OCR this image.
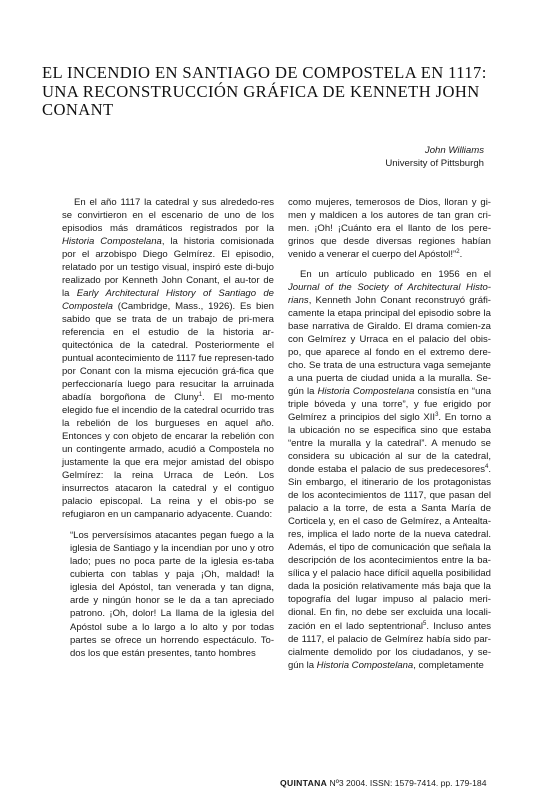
EL INCENDIO EN SANTIAGO DE COMPOSTELA EN 1117:
UNA RECONSTRUCCIÓN GRÁFICA DE KENNETH JOHN
CONANT
John Williams
University of Pittsburgh

En el año 1117 la catedral y sus alrededo-res se convirtieron en el escenario de uno de los episodios más dramáticos registrados por la Historia Compostelana, la historia comisionada por el arzobispo Diego Gelmírez. El episodio, relatado por un testigo visual, inspiró este di-bujo realizado por Kenneth John Conant, el au-tor de la Early Architectural History of Santiago de Compostela (Cambridge, Mass., 1926). Es bien sabido que se trata de un trabajo de pri-mera referencia en el estudio de la historia ar-quitectónica de la catedral. Posteriormente el puntual acontecimiento de 1117 fue represen-tado por Conant con la misma ejecución grá-fica que perfeccionaría luego para resucitar la arruinada abadía borgoñona de Cluny$^1$. El mo-mento elegido fue el incendio de la catedral ocurrido tras la rebelión de los burgueses en aquel año. Entonces y con objeto de encarar la rebelión con un contingente armado, acudió a Compostela no justamente la que era mejor amistad del obispo Gelmírez: la reina Urraca de León. Los insurrectos atacaron la catedral y el contiguo palacio episcopal. La reina y el obis-po se refugiaron en un campanario adyacente. Cuando:

“Los perversísimos atacantes pegan fuego a la iglesia de Santiago y la incendian por uno y otro lado; pues no poca parte de la iglesia es-taba cubierta con tablas y paja ¡Oh, maldad! la iglesia del Apóstol, tan venerada y tan digna, arde y ningún honor se le da a tan apreciado patrono. ¡Oh, dolor! La llama de la iglesia del Apóstol sube a lo largo a lo alto y por todas partes se ofrece un horrendo espectáculo. To-dos los que están presentes, tanto hombres

como mujeres, temerosos de Dios, lloran y gi-men y maldicen a los autores de tan gran cri-men. ¡Oh! ¡Cuánto era el llanto de los pere-grinos que desde diversas regiones habían venido a venerar el cuerpo del Apóstol!”$^2$.

En un artículo publicado en 1956 en el Journal of the Society of Architectural Histo-rians, Kenneth John Conant reconstruyó gráfi-camente la etapa principal del episodio sobre la base narrativa de Giraldo. El drama comien-za con Gelmírez y Urraca en el palacio del obis-po, que aparece al fondo en el extremo dere-cho. Se trata de una estructura vaga semejante a una puerta de ciudad unida a la muralla. Se-gún la Historia Compostelana consistía en “una triple bóveda y una torre”, y fue erigido por Gelmírez a principios del siglo XII$^3$. En torno a la ubicación no se especifica sino que estaba “entre la muralla y la catedral”. A menudo se considera su ubicación al sur de la catedral, donde estaba el palacio de sus predecesores$^4$. Sin embargo, el itinerario de los protagonistas de los acontecimientos de 1117, que pasan del palacio a la torre, de esta a Santa María de Corticela y, en el caso de Gelmírez, a Antealta-res, implica el lado norte de la nueva catedral. Además, el tipo de comunicación que señala la descripción de los acontecimientos entre la ba-sílica y el palacio hace difícil aquella posibilidad dada la posición relativamente más baja que la topografía del lugar impuso al palacio meri-dional. En fin, no debe ser excluida una locali-zación en el lado septentrional$^5$. Incluso antes de 1117, el palacio de Gelmírez había sido par-cialmente demolido por los ciudadanos, y se-gún la Historia Compostelana, completamente

QUINTANA Nº3 2004. ISSN: 1579-7414. pp. 179-184
